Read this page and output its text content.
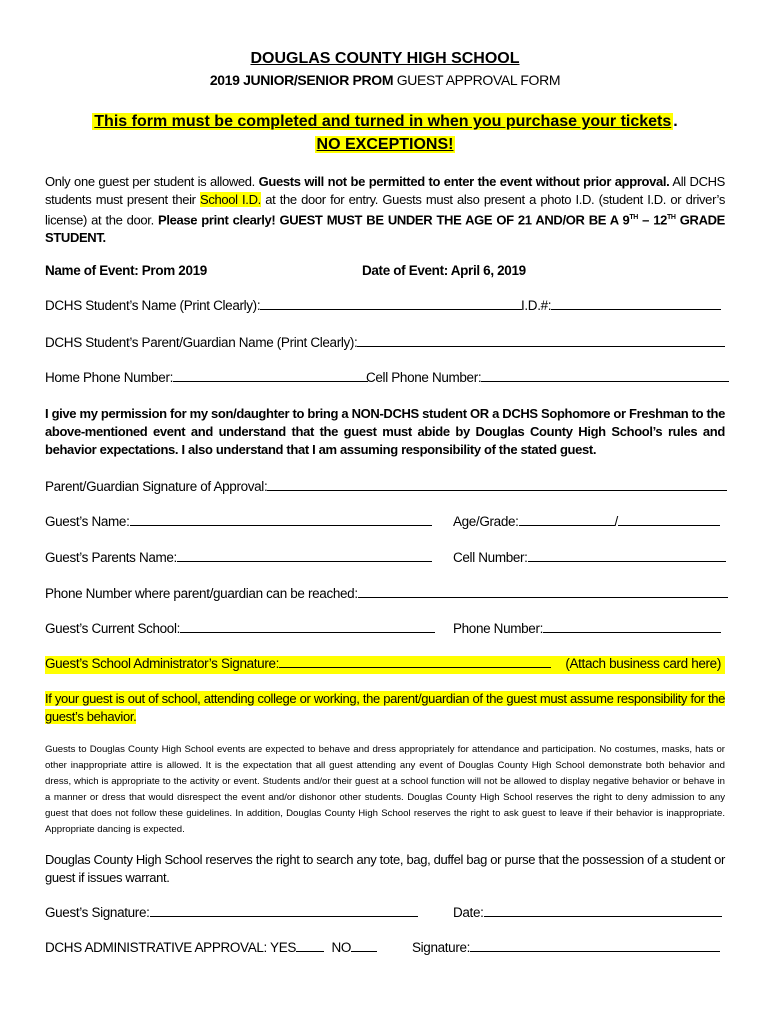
DOUGLAS COUNTY HIGH SCHOOL
2019 JUNIOR/SENIOR PROM GUEST APPROVAL FORM
This form must be completed and turned in when you purchase your tickets .
NO EXCEPTIONS!
Only one guest per student is allowed. Guests will not be permitted to enter the event without prior approval. All DCHS students must present their School I.D. at the door for entry. Guests must also present a photo I.D. (student I.D. or driver’s license) at the door. Please print clearly! GUEST MUST BE UNDER THE AGE OF 21 AND/OR BE A 9TH – 12TH GRADE STUDENT.
Name of Event: Prom 2019	Date of Event: April 6, 2019
DCHS Student’s Name (Print Clearly):	I.D.#:
DCHS Student’s Parent/Guardian Name (Print Clearly):
Home Phone Number:	Cell Phone Number:
I give my permission for my son/daughter to bring a NON-DCHS student OR a DCHS Sophomore or Freshman to the above-mentioned event and understand that the guest must abide by Douglas County High School’s rules and behavior expectations. I also understand that I am assuming responsibility of the stated guest.
Parent/Guardian Signature of Approval:
Guest’s Name:	Age/Grade:	/
Guest’s Parents Name:	Cell Number:
Phone Number where parent/guardian can be reached:
Guest’s Current School:	Phone Number:
Guest’s School Administrator’s Signature:	(Attach business card here)
If your guest is out of school, attending college or working, the parent/guardian of the guest must assume responsibility for the guest’s behavior.
Guests to Douglas County High School events are expected to behave and dress appropriately for attendance and participation. No costumes, masks, hats or other inappropriate attire is allowed. It is the expectation that all guest attending any event of Douglas County High School demonstrate both behavior and dress, which is appropriate to the activity or event. Students and/or their guest at a school function will not be allowed to display negative behavior or behave in a manner or dress that would disrespect the event and/or dishonor other students. Douglas County High School reserves the right to deny admission to any guest that does not follow these guidelines. In addition, Douglas County High School reserves the right to ask guest to leave if their behavior is inappropriate. Appropriate dancing is expected.
Douglas County High School reserves the right to search any tote, bag, duffel bag or purse that the possession of a student or guest if issues warrant.
Guest’s Signature:	Date:
DCHS ADMINISTRATIVE APPROVAL: YES	NO	Signature:
